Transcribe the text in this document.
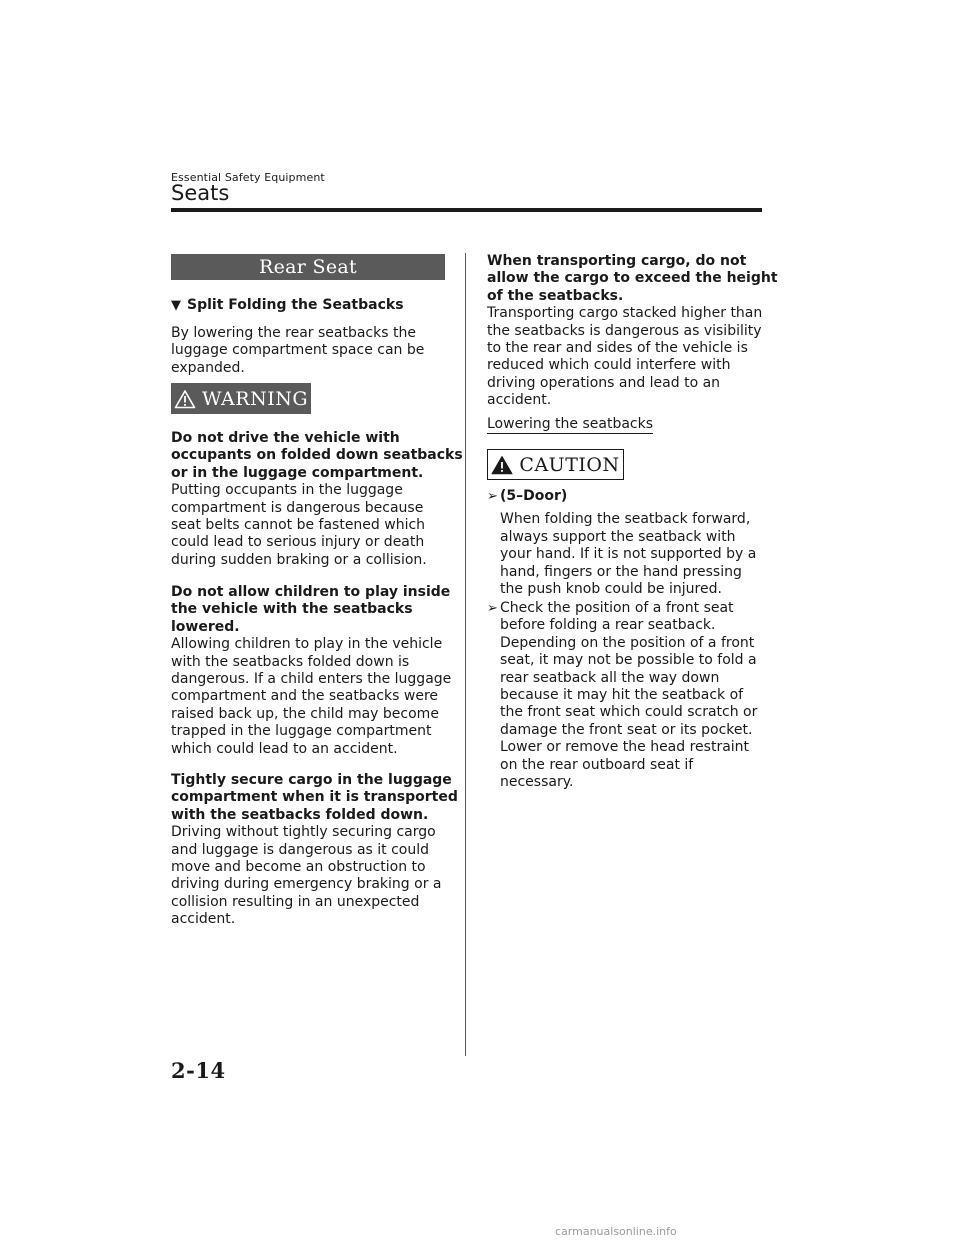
Essential Safety Equipment
Seats
Rear Seat
▼ Split Folding the Seatbacks
By lowering the rear seatbacks the
luggage compartment space can be
expanded.
WARNING
Do not drive the vehicle with
occupants on folded down seatbacks
or in the luggage compartment.
Putting occupants in the luggage
compartment is dangerous because
seat belts cannot be fastened which
could lead to serious injury or death
during sudden braking or a collision.
Do not allow children to play inside
the vehicle with the seatbacks
lowered.
Allowing children to play in the vehicle
with the seatbacks folded down is
dangerous. If a child enters the luggage
compartment and the seatbacks were
raised back up, the child may become
trapped in the luggage compartment
which could lead to an accident.
Tightly secure cargo in the luggage
compartment when it is transported
with the seatbacks folded down.
Driving without tightly securing cargo
and luggage is dangerous as it could
move and become an obstruction to
driving during emergency braking or a
collision resulting in an unexpected
accident.
When transporting cargo, do not
allow the cargo to exceed the height
of the seatbacks.
Transporting cargo stacked higher than
the seatbacks is dangerous as visibility
to the rear and sides of the vehicle is
reduced which could interfere with
driving operations and lead to an
accident.
Lowering the seatbacks
CAUTION
➢ (5–Door)
When folding the seatback forward,
always support the seatback with
your hand. If it is not supported by a
hand, fingers or the hand pressing
the push knob could be injured.
➢ Check the position of a front seat
before folding a rear seatback.
Depending on the position of a front
seat, it may not be possible to fold a
rear seatback all the way down
because it may hit the seatback of
the front seat which could scratch or
damage the front seat or its pocket.
Lower or remove the head restraint
on the rear outboard seat if
necessary.
2-14
carmanualsonline.info
